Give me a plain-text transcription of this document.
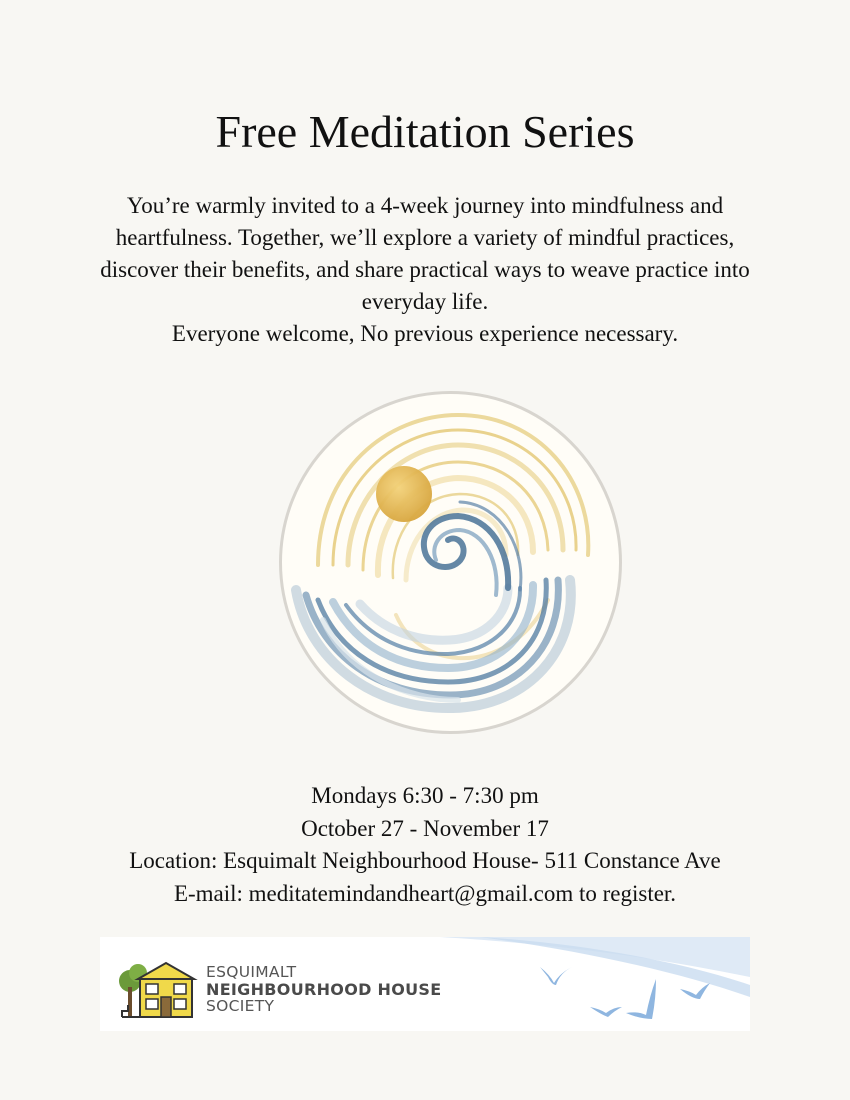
Free Meditation Series

You’re warmly invited to a 4-week journey into mindfulness and heartfulness. Together, we’ll explore a variety of mindful practices, discover their benefits, and share practical ways to weave practice into everyday life.

Everyone welcome, No previous experience necessary.

Mondays 6:30 - 7:30 pm

October 27 - November 17

Location: Esquimalt Neighbourhood House- 511 Constance Ave

E-mail: meditatemindandheart@gmail.com to register.

ESQUIMALT
NEIGHBOURHOOD HOUSE
SOCIETY
